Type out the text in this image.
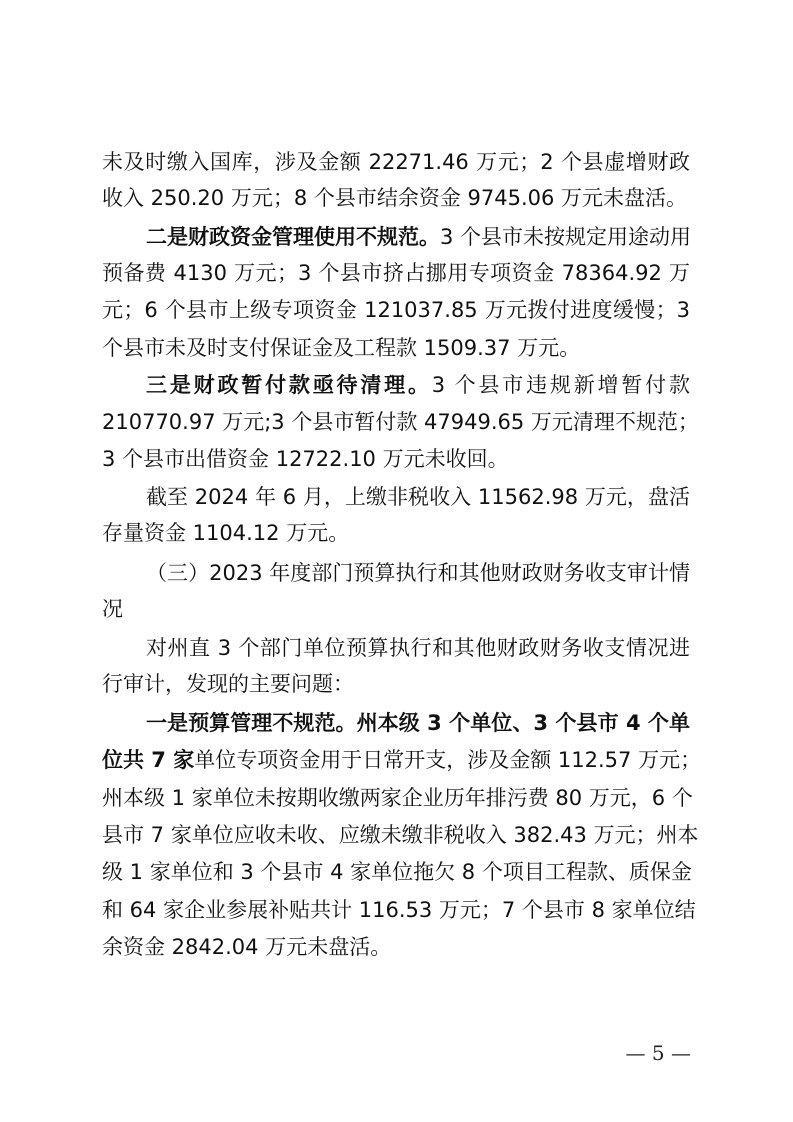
未及时缴入国库，涉及金额 22271.46 万元；2 个县虚增财政
收入 250.20 万元；8 个县市结余资金 9745.06 万元未盘活。
二是财政资金管理使用不规范。3 个县市未按规定用途动用
预备费 4130 万元；3 个县市挤占挪用专项资金 78364.92 万
元；6 个县市上级专项资金 121037.85 万元拨付进度缓慢；3
个县市未及时支付保证金及工程款 1509.37 万元。
三是财政暂付款亟待清理。3 个县市违规新增暂付款
210770.97 万元;3 个县市暂付款 47949.65 万元清理不规范；
3 个县市出借资金 12722.10 万元未收回。
截至 2024 年 6 月，上缴非税收入 11562.98 万元，盘活
存量资金 1104.12 万元。
（三）2023 年度部门预算执行和其他财政财务收支审计情
况
对州直 3 个部门单位预算执行和其他财政财务收支情况进
行审计，发现的主要问题：
一是预算管理不规范。州本级 3 个单位、3 个县市 4 个单
位共 7 家单位专项资金用于日常开支，涉及金额 112.57 万元；
州本级 1 家单位未按期收缴两家企业历年排污费 80 万元，6 个
县市 7 家单位应收未收、应缴未缴非税收入 382.43 万元；州本
级 1 家单位和 3 个县市 4 家单位拖欠 8 个项目工程款、质保金
和 64 家企业参展补贴共计 116.53 万元；7 个县市 8 家单位结
余资金 2842.04 万元未盘活。
— 5 —
